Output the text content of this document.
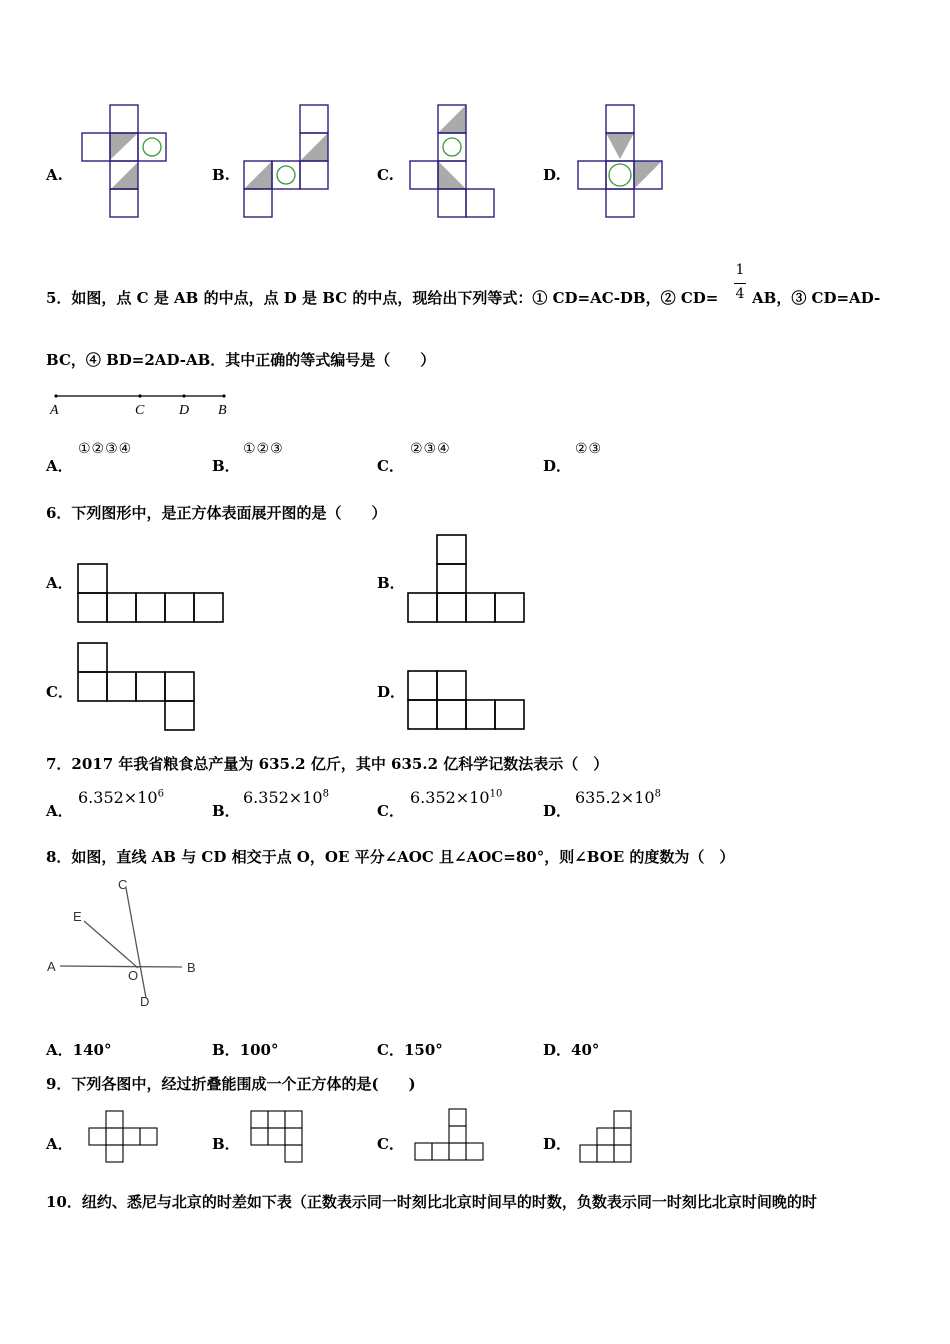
A.	B.	C.	D.
5．如图，点 C 是 AB 的中点，点 D 是 BC 的中点，现给出下列等式：① CD=AC-DB，② CD=
1
4 AB，③ CD=AD-
BC，④ BD=2AD-AB．其中正确的等式编号是（　　）
A	C D B
A．
①②③④
B．
①②③
C．
②③④
D．
②③
6．下列图形中，是正方体表面展开图的是（　　）
A．	B．
C．	D．
7．2017 年我省粮食总产量为 635.2 亿斤，其中 635.2 亿科学记数法表示（　）
A．
$6.352\times 10^6$
B．
$6.352\times 10^8$
C．
$6.352\times 10^{10}$
D．
$635.2\times 10^8$
8．如图，直线 AB 与 CD 相交于点 O，OE 平分∠AOC 且∠AOC=80°，则∠BOE 的度数为（　）
A	B
C
D
E
O
A．140°	B．100°	C．150°	D．40°
9．下列各图中，经过折叠能围成一个正方体的是(　　)
A．	B．	C．	D．
10．纽约、悉尼与北京的时差如下表（正数表示同一时刻比北京时间早的时数，负数表示同一时刻比北京时间晚的时
